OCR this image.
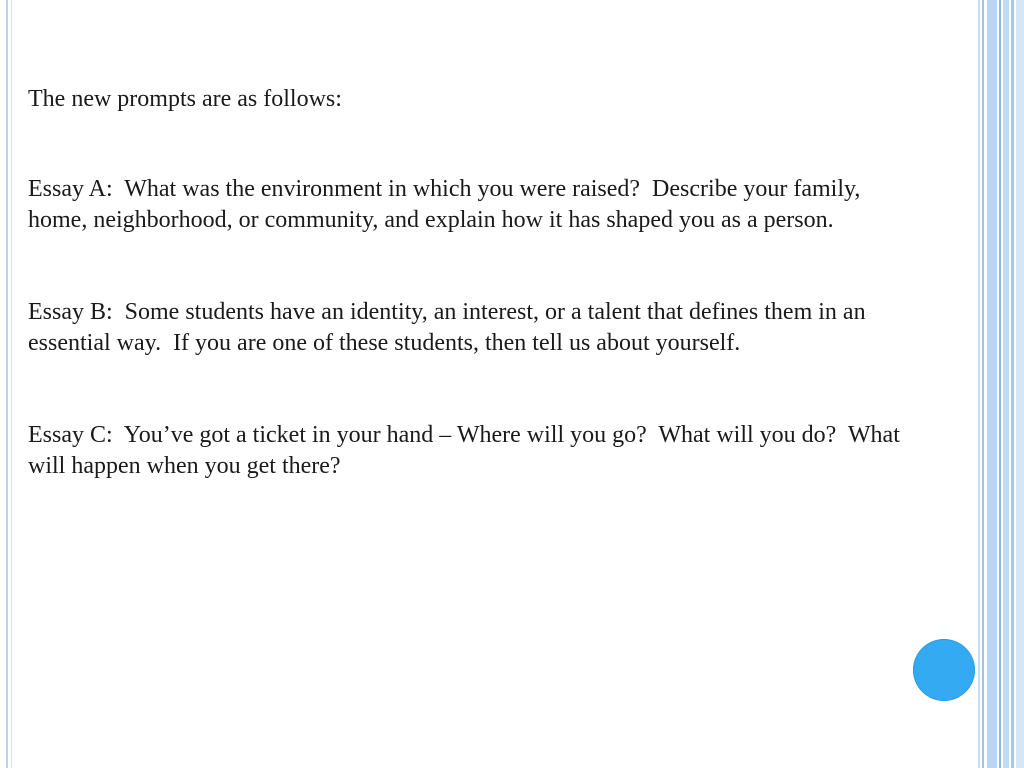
The new prompts are as follows:

Essay A:  What was the environment in which you were raised?  Describe your family, home, neighborhood, or community, and explain how it has shaped you as a person.

Essay B:  Some students have an identity, an interest, or a talent that defines them in an essential way.  If you are one of these students, then tell us about yourself.

Essay C:  You’ve got a ticket in your hand – Where will you go?  What will you do?  What will happen when you get there?
